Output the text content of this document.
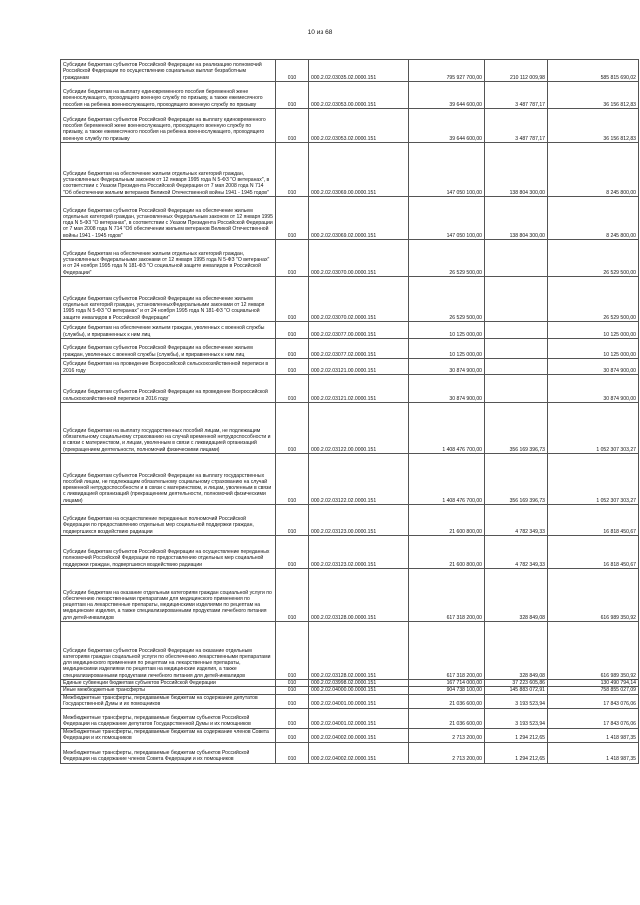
10 из 68
Субсидии бюджетам субъектов Российской Федерации на реализацию полномочий Российской Федерации по осуществлению социальных выплат безработным гражданам	010	000.2.02.03035.02.0000.151	795 927 700,00	210 112 009,98	585 815 690,02
Субсидии бюджетам на выплату единовременного пособия беременной жене военнослужащего, проходящего военную службу по призыву, а также ежемесячного пособия на ребенка военнослужащего, проходящего военную службу по призыву	010	000.2.02.03053.00.0000.151	39 644 600,00	3 487 787,17	36 156 812,83
Субсидии бюджетам субъектов Российской Федерации на выплату единовременного пособия беременной жене военнослужащего, проходящего военную службу по призыву, а также ежемесячного пособия на ребенка военнослужащего, проходящего военную службу по призыву	010	000.2.02.03053.02.0000.151	39 644 600,00	3 487 787,17	36 156 812,83
Субсидии бюджетам на обеспечение жильем отдельных категорий граждан, установленных Федеральным законом от 12 января 1995 года N 5-ФЗ "О ветеранах", в соответствии с Указом Президента Российской Федерации от 7 мая 2008 года N 714 "Об обеспечении жильем ветеранов Великой Отечественной войны 1941 - 1945 годов"	010	000.2.02.03069.00.0000.151	147 050 100,00	138 804 300,00	8 245 800,00
Субсидии бюджетам субъектов Российской Федерации на обеспечение жильем отдельных категорий граждан, установленных Федеральным законом от 12 января 1995 года N 5-ФЗ "О ветеранах", в соответствии с Указом Президента Российской Федерации от 7 мая 2008 года N 714 "Об обеспечении жильем ветеранов Великой Отечественной войны 1941 - 1945 годов"	010	000.2.02.03069.02.0000.151	147 050 100,00	138 804 300,00	8 245 800,00
Субсидии бюджетам на обеспечение жильем отдельных категорий граждан, установленных Федеральными законами от 12 января 1995 года N 5-ФЗ "О ветеранах" и от 24 ноября 1995 года N 181-ФЗ "О социальной защите инвалидов в Российской Федерации"	010	000.2.02.03070.00.0000.151	26 529 500,00		26 529 500,00
Субсидии бюджетам субъектов Российской Федерации на обеспечение жильем отдельных категорий граждан, установленныхФедеральными законами от 12 января 1995 года N 5-ФЗ "О ветеранах" и от 24 ноября 1995 года N 181-ФЗ "О социальной защите инвалидов в Российской Федерации"	010	000.2.02.03070.02.0000.151	26 529 500,00		26 529 500,00
Субсидии бюджетам на обеспечение жильем граждан, уволенных с военной службы (службы), и приравненных к ним лиц	010	000.2.02.03077.00.0000.151	10 125 000,00		10 125 000,00
Субсидии бюджетам субъектов Российской Федерации на обеспечение жильем граждан, уволенных с военной службы (службы), и приравненных к ним лиц	010	000.2.02.03077.02.0000.151	10 125 000,00		10 125 000,00
Субсидии бюджетам на проведение Всероссийской сельскохозяйственной переписи в 2016 году	010	000.2.02.03121.00.0000.151	30 874 900,00		30 874 900,00
Субсидии бюджетам субъектов Российской Федерации на проведение Всероссийской сельскохозяйственной переписи в 2016 году	010	000.2.02.03121.02.0000.151	30 874 900,00		30 874 900,00
Субсидии бюджетам на выплату государственных пособий лицам, не подлежащим обязательному социальному страхованию на случай временной нетрудоспособности и в связи с материнством, и лицам, уволенным в связи с ликвидацией организаций (прекращением деятельности, полномочий физическими лицами)	010	000.2.02.03122.00.0000.151	1 408 476 700,00	356 169 396,73	1 052 307 303,27
Субсидии бюджетам субъектов Российской Федерации на выплату государственных пособий лицам, не подлежащим обязательному социальному страхованию на случай временной нетрудоспособности и в связи с материнством, и лицам, уволенным в связи с ликвидацией организаций (прекращением деятельности, полномочий физическими лицами)	010	000.2.02.03122.02.0000.151	1 408 476 700,00	356 169 396,73	1 052 307 303,27
Субсидии бюджетам на осуществление переданных полномочий Российской Федерации по предоставлению отдельных мер социальной поддержки граждан, подвергшихся воздействию радиации	010	000.2.02.03123.00.0000.151	21 600 800,00	4 782 349,33	16 818 450,67
Субсидии бюджетам субъектов Российской Федерации на осуществление переданных полномочий Российской Федерации по предоставлению отдельных мер социальной поддержки граждан, подвергшихся воздействию радиации	010	000.2.02.03123.02.0000.151	21 600 800,00	4 782 349,33	16 818 450,67
Субсидии бюджетам на оказание отдельным категориям граждан социальной услуги по обеспечению лекарственными препаратами для медицинского применения по рецептам на лекарственные препараты, медицинскими изделиями по рецептам на медицинские изделия, а также специализированными продуктами лечебного питания для детей-инвалидов	010	000.2.02.03128.00.0000.151	617 318 200,00	328 849,08	616 989 350,92
Субсидии бюджетам субъектов Российской Федерации на оказание отдельным категориям граждан социальной услуги по обеспечению лекарственными препаратами для медицинского применения по рецептам на лекарственные препараты, медицинскими изделиями по рецептам на медицинские изделия, а также специализированными продуктами лечебного питания для детей-инвалидов	010	000.2.02.03128.02.0000.151	617 318 200,00	328 849,08	616 989 350,92
Единые субвенции бюджетам субъектов Российской Федерации	010	000.2.02.03998.02.0000.151	167 714 000,00	37 223 605,86	130 490 794,14
Иные межбюджетные трансферты	010	000.2.02.04000.00.0000.151	904 738 100,00	145 883 072,91	758 855 027,09
Межбюджетные трансферты, передаваемые бюджетам на содержание депутатов Государственной Думы и их помощников	010	000.2.02.04001.00.0000.151	21 036 600,00	3 193 523,94	17 843 076,06
Межбюджетные трансферты, передаваемые бюджетам субъектов Российской Федерации на содержание депутатов Государственной Думы и их помощников	010	000.2.02.04001.02.0000.151	21 036 600,00	3 193 523,94	17 843 076,06
Межбюджетные трансферты, передаваемые бюджетам на содержание членов Совета Федерации и их помощников	010	000.2.02.04002.00.0000.151	2 713 200,00	1 294 212,65	1 418 987,35
Межбюджетные трансферты, передаваемые бюджетам субъектов Российской Федерации на содержание членов Совета Федерации и их помощников	010	000.2.02.04002.02.0000.151	2 713 200,00	1 294 212,65	1 418 987,35
